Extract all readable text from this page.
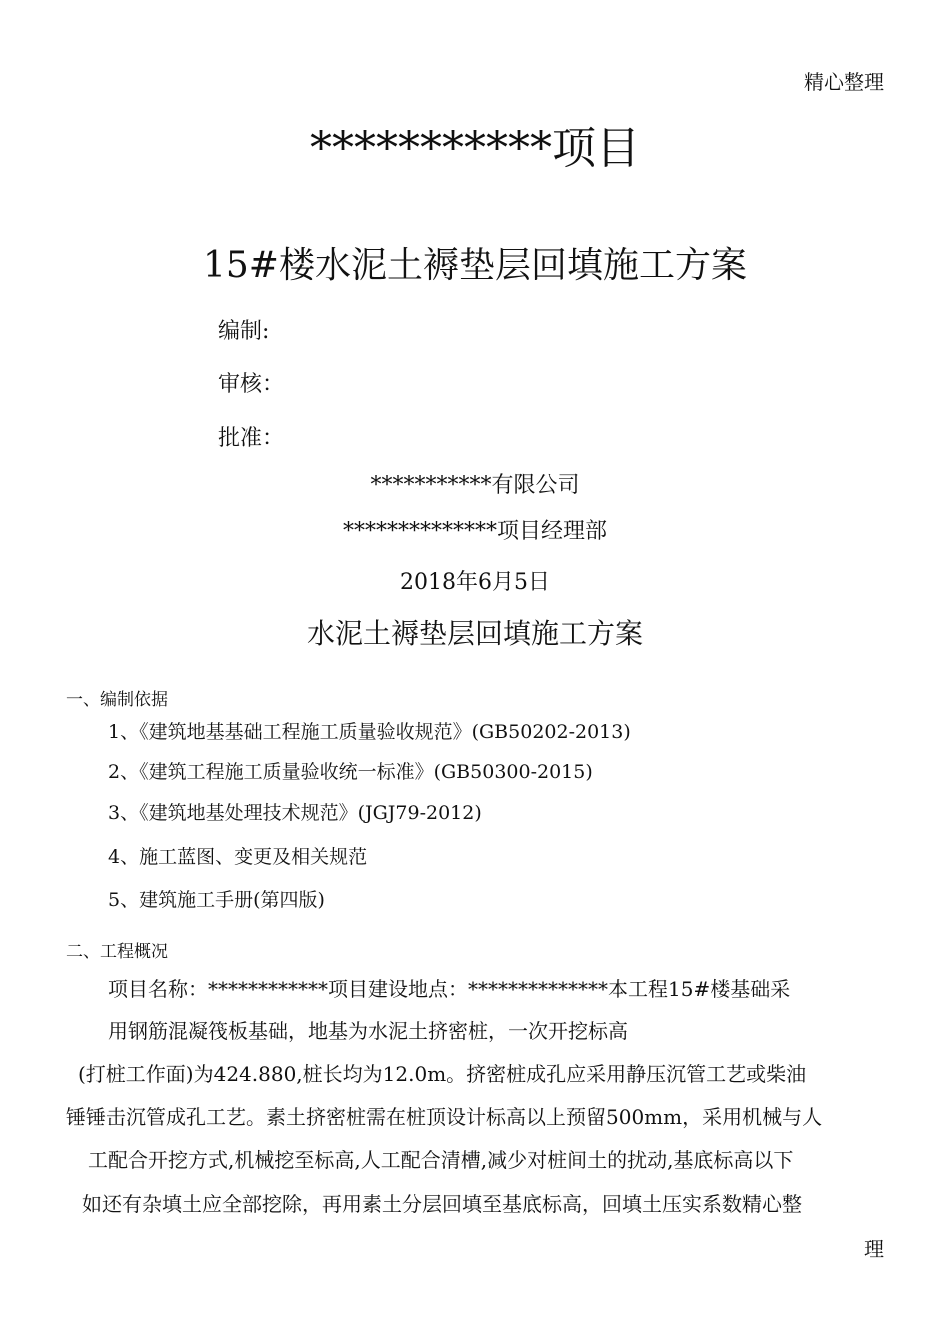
精心整理
***********项目
15#楼水泥土褥垫层回填施工方案
编制:
审核：
批准：
***********有限公司
**************项目经理部
2018年6月5日
水泥土褥垫层回填施工方案
一、编制依据
1、《建筑地基基础工程施工质量验收规范》(GB50202-2013)
2、《建筑工程施工质量验收统一标准》(GB50300-2015)
3、《建筑地基处理技术规范》(JGJ79-2012)
4、施工蓝图、变更及相关规范
5、建筑施工手册(第四版)
二、工程概况
项目名称：************项目建设地点：**************本工程15#楼基础采
用钢筋混凝筏板基础，地基为水泥土挤密桩，一次开挖标高
(打桩工作面)为424.880,桩长均为12.0m。挤密桩成孔应采用静压沉管工艺或柴油
锤锤击沉管成孔工艺。素土挤密桩需在桩顶设计标高以上预留500mm，采用机械与人
工配合开挖方式,机械挖至标高,人工配合清槽,减少对桩间土的扰动,基底标高以下
如还有杂填土应全部挖除，再用素土分层回填至基底标高，回填土压实系数精心整
理
